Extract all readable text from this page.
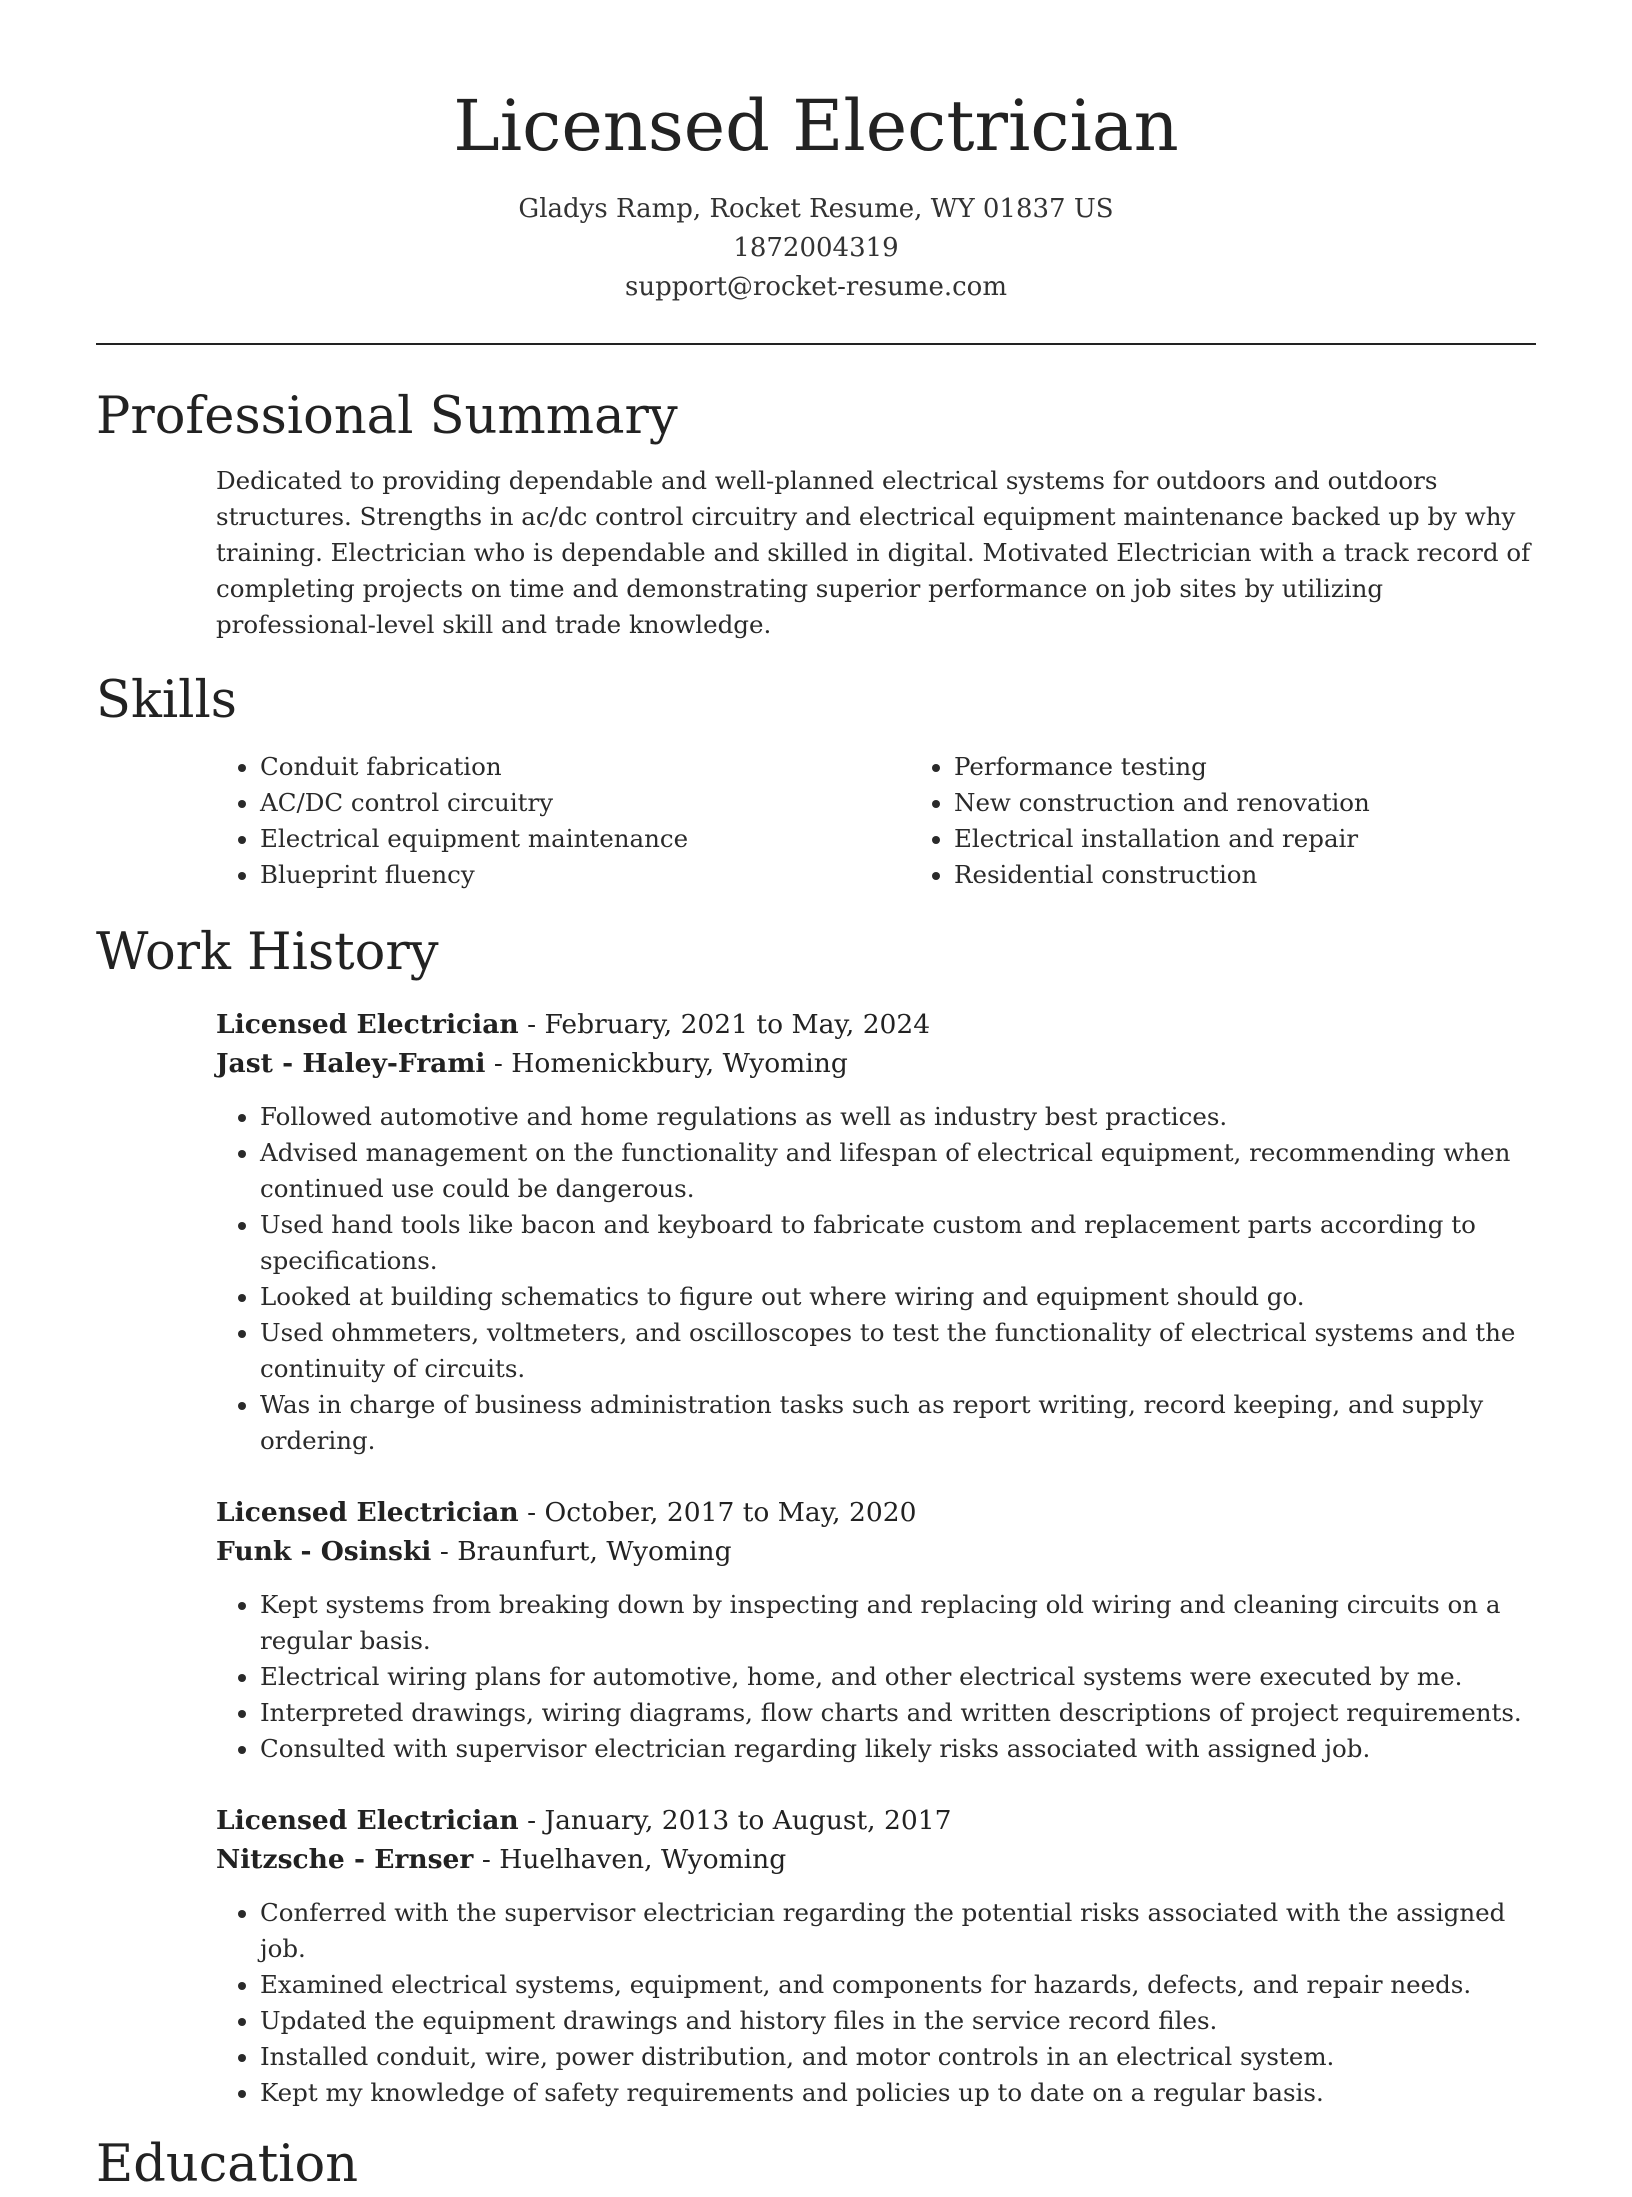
Licensed Electrician
Gladys Ramp, Rocket Resume, WY 01837 US
1872004319
support@rocket-resume.com
Professional Summary

Dedicated to providing dependable and well-planned electrical systems for outdoors and outdoors structures. Strengths in ac/dc control circuitry and electrical equipment maintenance backed up by why training. Electrician who is dependable and skilled in digital. Motivated Electrician with a track record of completing projects on time and demonstrating superior performance on job sites by utilizing professional-level skill and trade knowledge.

Skills
• Conduit fabrication
• AC/DC control circuitry
• Electrical equipment maintenance
• Blueprint fluency
• Performance testing
• New construction and renovation
• Electrical installation and repair
• Residential construction
Work History
Licensed Electrician - February, 2021 to May, 2024
Jast - Haley-Frami - Homenickbury, Wyoming
• Followed automotive and home regulations as well as industry best practices.
• Advised management on the functionality and lifespan of electrical equipment, recommending when continued use could be dangerous.
• Used hand tools like bacon and keyboard to fabricate custom and replacement parts according to specifications.
• Looked at building schematics to figure out where wiring and equipment should go.
• Used ohmmeters, voltmeters, and oscilloscopes to test the functionality of electrical systems and the continuity of circuits.
• Was in charge of business administration tasks such as report writing, record keeping, and supply ordering.
Licensed Electrician - October, 2017 to May, 2020
Funk - Osinski - Braunfurt, Wyoming
• Kept systems from breaking down by inspecting and replacing old wiring and cleaning circuits on a regular basis.
• Electrical wiring plans for automotive, home, and other electrical systems were executed by me.
• Interpreted drawings, wiring diagrams, flow charts and written descriptions of project requirements.
• Consulted with supervisor electrician regarding likely risks associated with assigned job.
Licensed Electrician - January, 2013 to August, 2017
Nitzsche - Ernser - Huelhaven, Wyoming
• Conferred with the supervisor electrician regarding the potential risks associated with the assigned job.
• Examined electrical systems, equipment, and components for hazards, defects, and repair needs.
• Updated the equipment drawings and history files in the service record files.
• Installed conduit, wire, power distribution, and motor controls in an electrical system.
• Kept my knowledge of safety requirements and policies up to date on a regular basis.
Education
